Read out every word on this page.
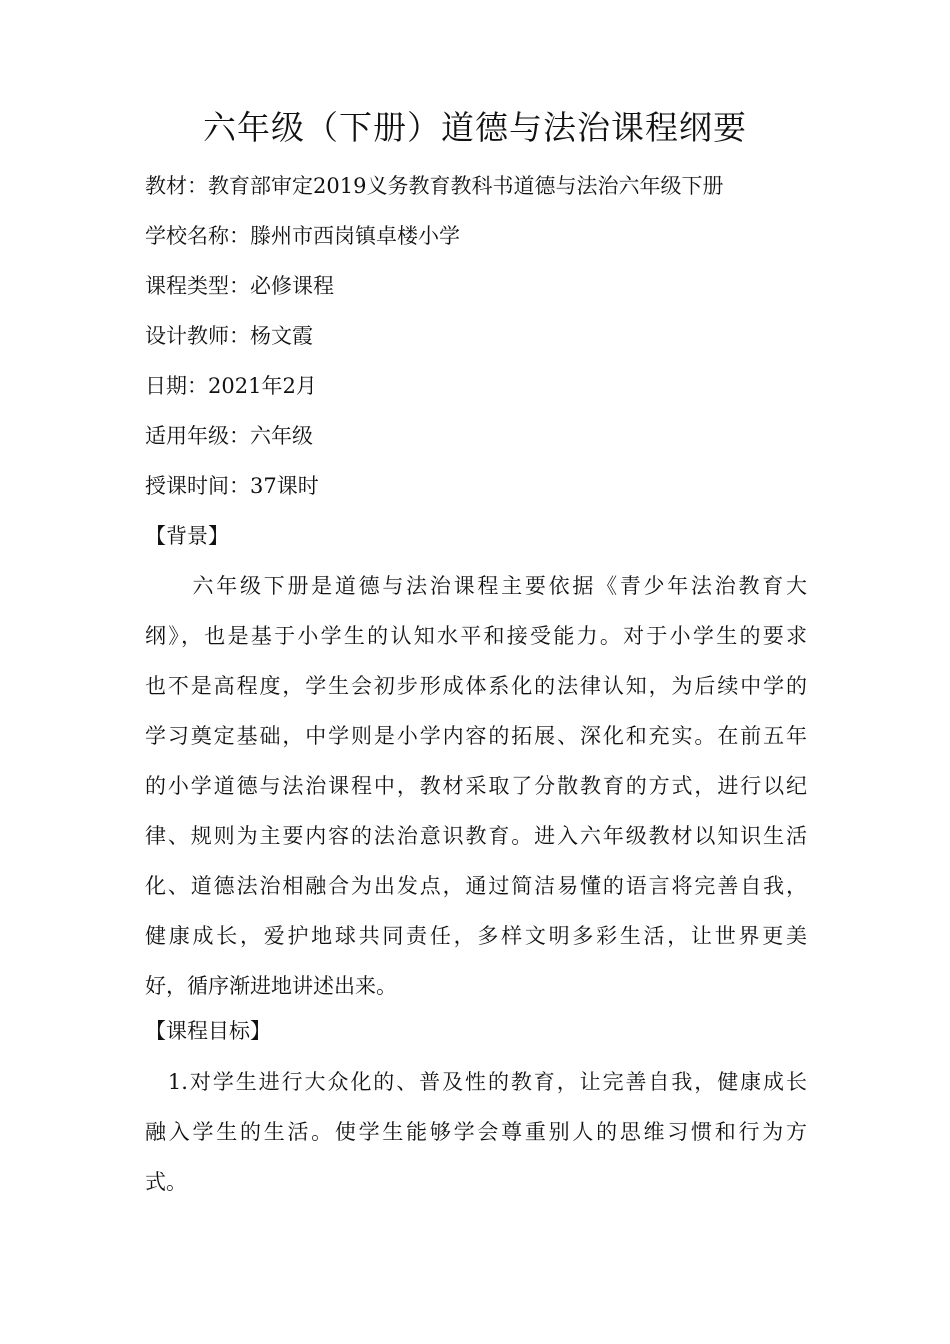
六年级（下册）道德与法治课程纲要
教材：教育部审定2019义务教育教科书道德与法治六年级下册
学校名称：滕州市西岗镇卓楼小学
课程类型：必修课程
设计教师：杨文霞
日期：2021年2月
适用年级：六年级
授课时间：37课时
【背景】
　　六年级下册是道德与法治课程主要依据《青少年法治教育大
纲》，也是基于小学生的认知水平和接受能力。对于小学生的要求
也不是高程度，学生会初步形成体系化的法律认知，为后续中学的
学习奠定基础，中学则是小学内容的拓展、深化和充实。在前五年
的小学道德与法治课程中，教材采取了分散教育的方式，进行以纪
律、规则为主要内容的法治意识教育。进入六年级教材以知识生活
化、道德法治相融合为出发点，通过简洁易懂的语言将完善自我，
健康成长，爱护地球共同责任，多样文明多彩生活，让世界更美
好，循序渐进地讲述出来。
【课程目标】
　1.对学生进行大众化的、普及性的教育，让完善自我，健康成长
融入学生的生活。使学生能够学会尊重别人的思维习惯和行为方
式。
